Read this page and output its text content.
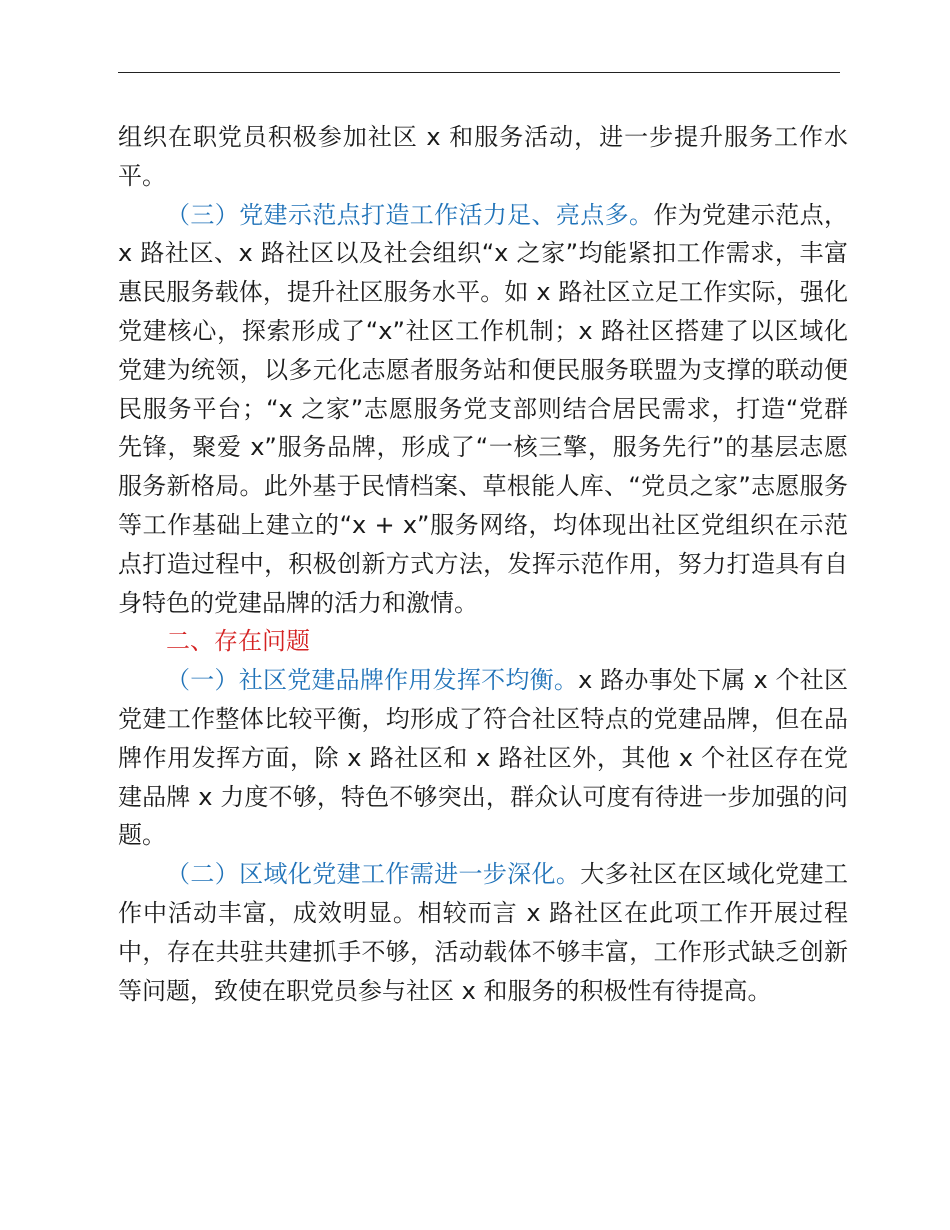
组织在职党员积极参加社区 x 和服务活动，进一步提升服务工作水平。

（三）党建示范点打造工作活力足、亮点多。作为党建示范点，x 路社区、x 路社区以及社会组织“x 之家”均能紧扣工作需求，丰富惠民服务载体，提升社区服务水平。如 x 路社区立足工作实际，强化党建核心，探索形成了“x”社区工作机制；x 路社区搭建了以区域化党建为统领，以多元化志愿者服务站和便民服务联盟为支撑的联动便民服务平台；“x 之家”志愿服务党支部则结合居民需求，打造“党群先锋，聚爱 x”服务品牌，形成了“一核三擎，服务先行”的基层志愿服务新格局。此外基于民情档案、草根能人库、“党员之家”志愿服务等工作基础上建立的“x + x”服务网络，均体现出社区党组织在示范点打造过程中，积极创新方式方法，发挥示范作用，努力打造具有自身特色的党建品牌的活力和激情。

二、存在问题

（一）社区党建品牌作用发挥不均衡。x 路办事处下属 x 个社区党建工作整体比较平衡，均形成了符合社区特点的党建品牌，但在品牌作用发挥方面，除 x 路社区和 x 路社区外，其他 x 个社区存在党建品牌 x 力度不够，特色不够突出，群众认可度有待进一步加强的问题。

（二）区域化党建工作需进一步深化。大多社区在区域化党建工作中活动丰富，成效明显。相较而言 x 路社区在此项工作开展过程中，存在共驻共建抓手不够，活动载体不够丰富，工作形式缺乏创新等问题，致使在职党员参与社区 x 和服务的积极性有待提高。
